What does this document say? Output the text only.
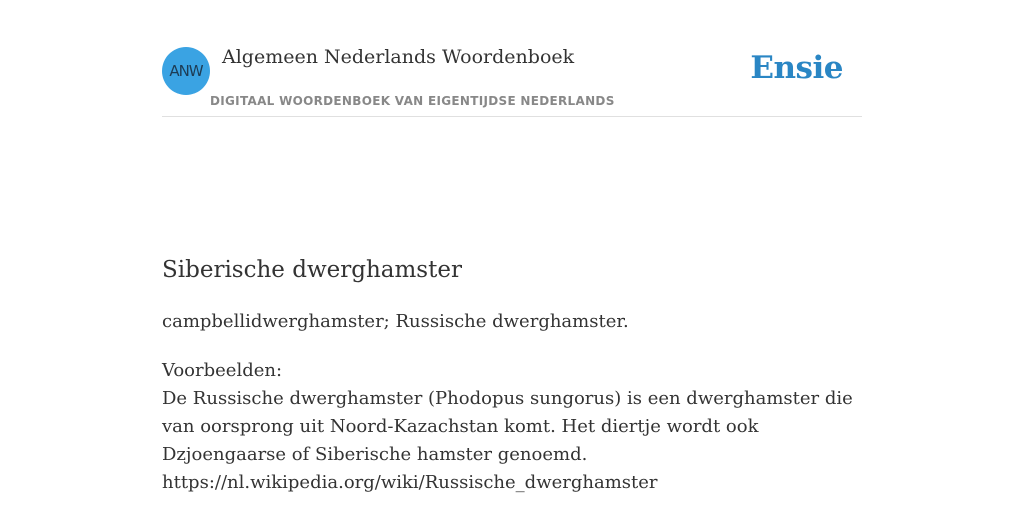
ANW
Algemeen Nederlands Woordenboek
DIGITAAL WOORDENBOEK VAN EIGENTIJDSE NEDERLANDS
Ensie
Siberische dwerghamster

campbellidwerghamster; Russische dwerghamster.

Voorbeelden:

De Russische dwerghamster (Phodopus sungorus) is een dwerghamster die van oorsprong uit Noord-Kazachstan komt. Het diertje wordt ook Dzjoengaarse of Siberische hamster genoemd.

https://nl.wikipedia.org/wiki/Russische_dwerghamster
